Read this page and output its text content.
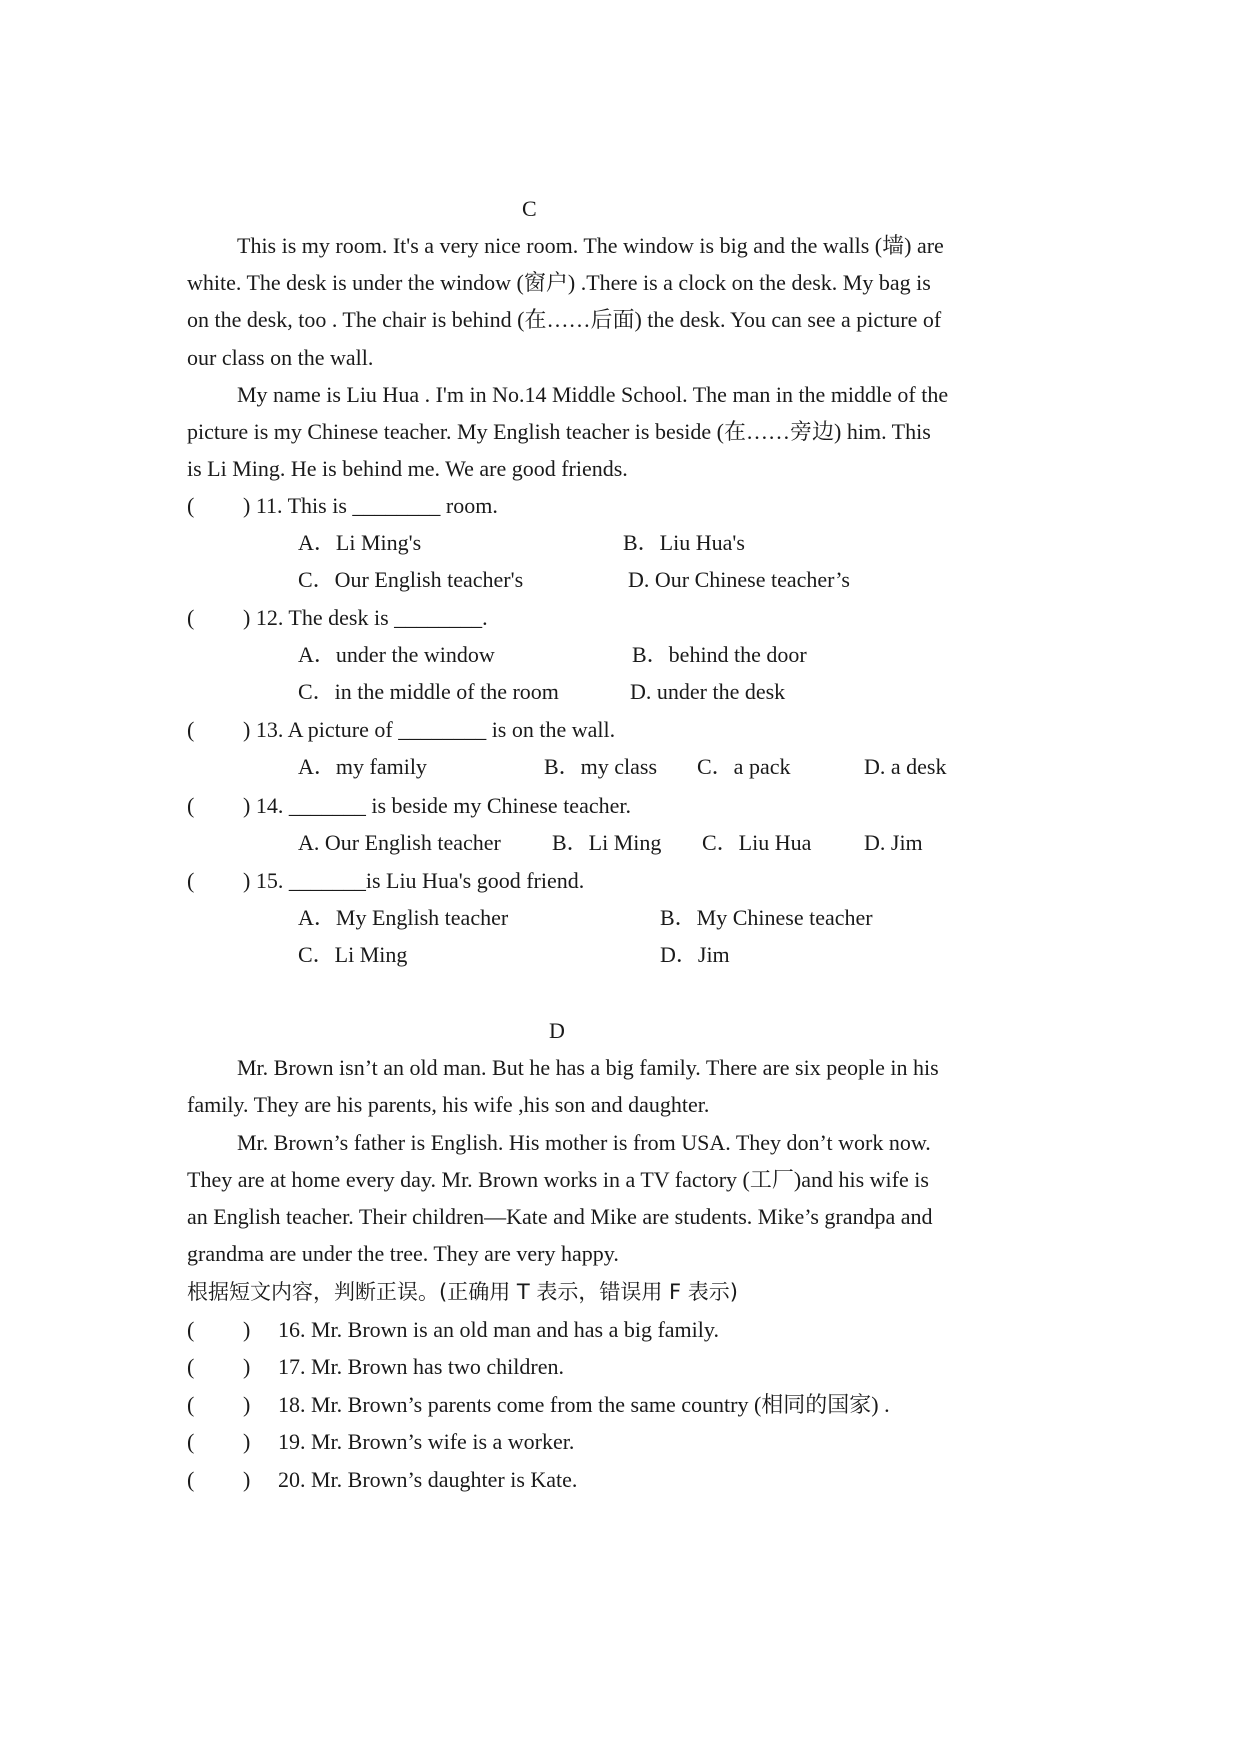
C
This is my room. It's a very nice room. The window is big and the walls (墙) are
white. The desk is under the window (窗户) .There is a clock on the desk. My bag is
on the desk, too . The chair is behind (在……后面) the desk. You can see a picture of
our class on the wall.
My name is Liu Hua . I'm in No.14 Middle School. The man in the middle of the
picture is my Chinese teacher. My English teacher is beside (在……旁边) him. This
is Li Ming. He is behind me. We are good friends.
( ) 11. This is ________ room.
A．Li Ming's	B．Liu Hua's
C．Our English teacher's	D. Our Chinese teacher’s
( ) 12. The desk is ________.
A．under the window	B．behind the door
C．in the middle of the room	D. under the desk
( ) 13. A picture of ________ is on the wall.
A．my family	B．my class C．a pack	D. a desk
( ) 14. _______ is beside my Chinese teacher.
A. Our English teacher B．Li Ming C．Liu Hua D. Jim
( ) 15. _______is Liu Hua's good friend.
A．My English teacher	B．My Chinese teacher
C．Li Ming	D．Jim
D
Mr. Brown isn’t an old man. But he has a big family. There are six people in his
family. They are his parents, his wife ,his son and daughter.
Mr. Brown’s father is English. His mother is from USA. They don’t work now.
They are at home every day. Mr. Brown works in a TV factory (工厂)and his wife is
an English teacher. Their children—Kate and Mike are students. Mike’s grandpa and
grandma are under the tree. They are very happy.
根据短文内容，判断正误。(正确用 T 表示，错误用 F 表示)
( ) 16. Mr. Brown is an old man and has a big family.
( ) 17. Mr. Brown has two children.
( ) 18. Mr. Brown’s parents come from the same country (相同的国家) .
( ) 19. Mr. Brown’s wife is a worker.
( ) 20. Mr. Brown’s daughter is Kate.
